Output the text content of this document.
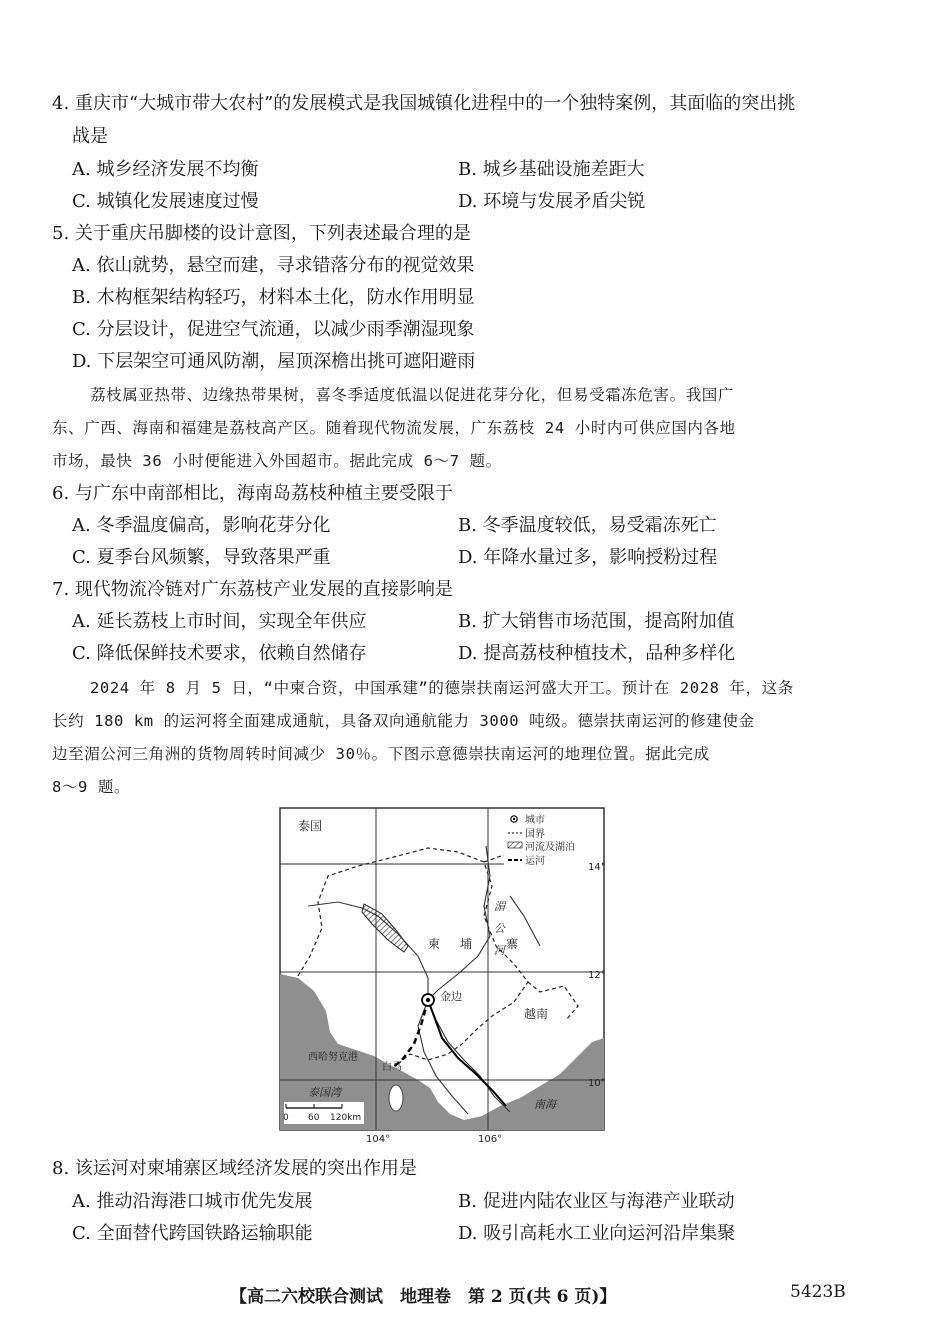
4. 重庆市“大城市带大农村”的发展模式是我国城镇化进程中的一个独特案例，其面临的突出挑
战是
A. 城乡经济发展不均衡	B. 城乡基础设施差距大
C. 城镇化发展速度过慢	D. 环境与发展矛盾尖锐
5. 关于重庆吊脚楼的设计意图，下列表述最合理的是
A. 依山就势，悬空而建，寻求错落分布的视觉效果
B. 木构框架结构轻巧，材料本土化，防水作用明显
C. 分层设计，促进空气流通，以减少雨季潮湿现象
D. 下层架空可通风防潮，屋顶深檐出挑可遮阳避雨
荔枝属亚热带、边缘热带果树，喜冬季适度低温以促进花芽分化，但易受霜冻危害。我国广
东、广西、海南和福建是荔枝高产区。随着现代物流发展，广东荔枝 24 小时内可供应国内各地
市场，最快 36 小时便能进入外国超市。据此完成 6～7 题。
6. 与广东中南部相比，海南岛荔枝种植主要受限于
A. 冬季温度偏高，影响花芽分化	B. 冬季温度较低，易受霜冻死亡
C. 夏季台风频繁，导致落果严重	D. 年降水量过多，影响授粉过程
7. 现代物流冷链对广东荔枝产业发展的直接影响是
A. 延长荔枝上市时间，实现全年供应	B. 扩大销售市场范围，提高附加值
C. 降低保鲜技术要求，依赖自然储存	D. 提高荔枝种植技术，品种多样化
2024 年 8 月 5 日，“中柬合资，中国承建”的德崇扶南运河盛大开工。预计在 2028 年，这条
长约 180 km 的运河将全面建成通航，具备双向通航能力 3000 吨级。德崇扶南运河的修建使金
边至湄公河三角洲的货物周转时间减少 30％。下图示意德崇扶南运河的地理位置。据此完成
8～9 题。
城市
国界
河流及湖泊
运河
泰国
柬 埔	寨
湄
公
河
越南
金边
西哈努克港
白马
泰国湾
南海
14°
12°
10°
104°	106°
0 60 120km
8. 该运河对柬埔寨区域经济发展的突出作用是
A. 推动沿海港口城市优先发展	B. 促进内陆农业区与海港产业联动
C. 全面替代跨国铁路运输职能	D. 吸引高耗水工业向运河沿岸集聚
【高二六校联合测试　地理卷　第 2 页(共 6 页)】	5423B
